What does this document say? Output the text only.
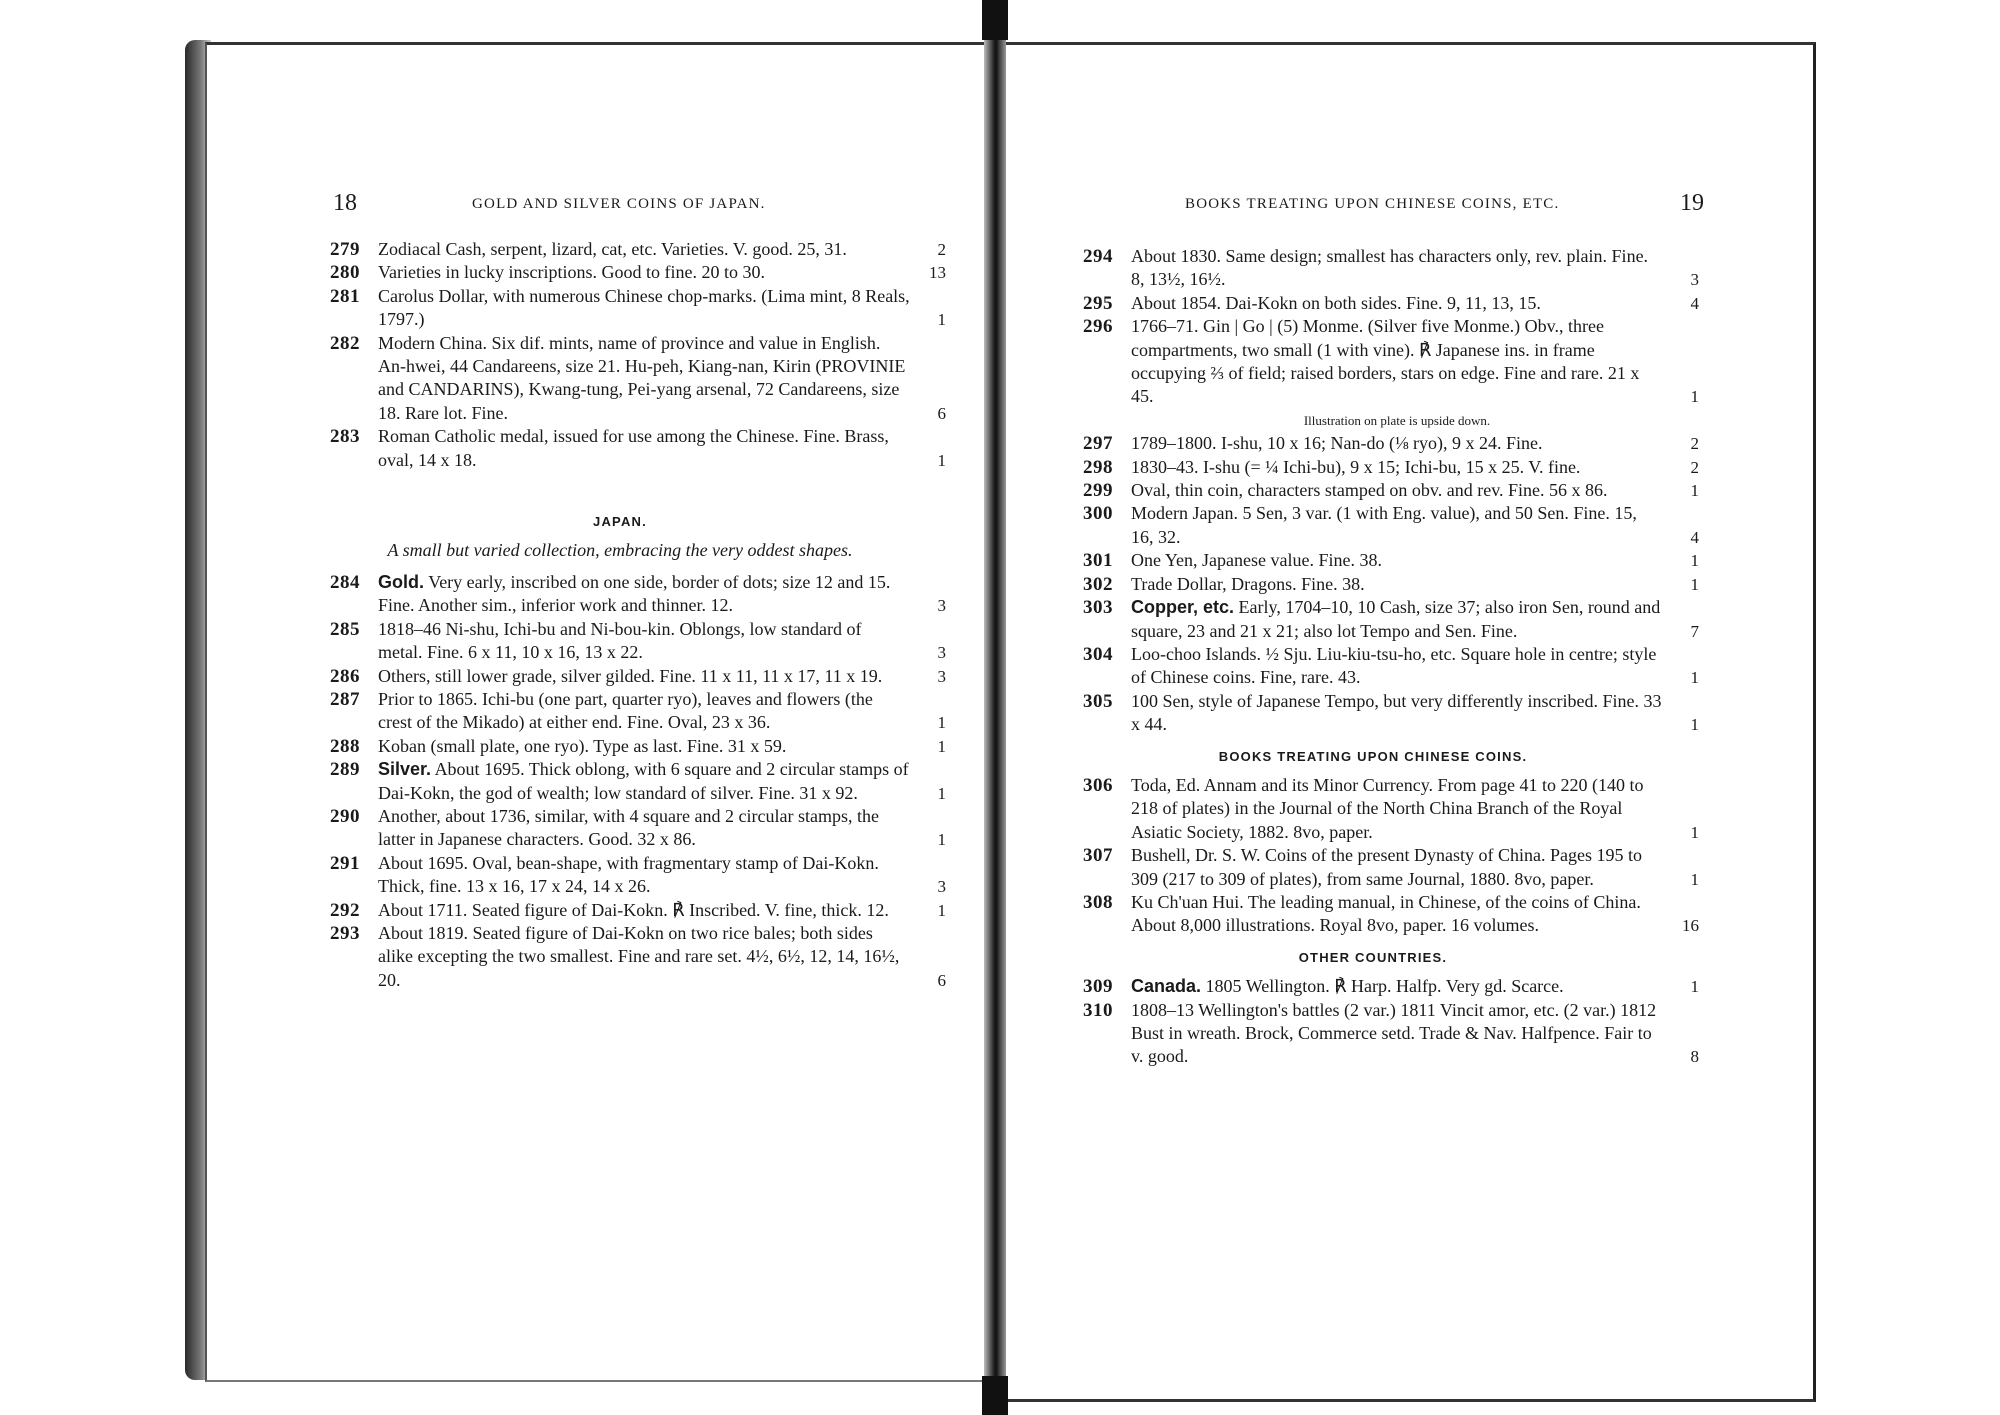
18	GOLD AND SILVER COINS OF JAPAN.
279 Zodiacal Cash, serpent, lizard, cat, etc. Varieties. V. good. 25, 31.	2
280 Varieties in lucky inscriptions. Good to fine. 20 to 30.	13
281 Carolus Dollar, with numerous Chinese chop-marks. (Lima mint, 8 Reals, 1797.)	1
282 Modern China. Six dif. mints, name of province and value in English. An-hwei, 44 Candareens, size 21. Hu-peh, Kiang-nan, Kirin (PROVINIE and CANDARINS), Kwang-tung, Pei-yang arsenal, 72 Candareens, size 18. Rare lot. Fine.	6
283 Roman Catholic medal, issued for use among the Chinese. Fine. Brass, oval, 14 x 18.	1
JAPAN.
A small but varied collection, embracing the very oddest shapes.
284 Gold. Very early, inscribed on one side, border of dots; size 12 and 15. Fine. Another sim., inferior work and thinner. 12.	3
285 1818–46 Ni-shu, Ichi-bu and Ni-bou-kin. Oblongs, low standard of metal. Fine. 6 x 11, 10 x 16, 13 x 22.	3
286 Others, still lower grade, silver gilded. Fine. 11 x 11, 11 x 17, 11 x 19.	3
287 Prior to 1865. Ichi-bu (one part, quarter ryo), leaves and flowers (the crest of the Mikado) at either end. Fine. Oval, 23 x 36.	1
288 Koban (small plate, one ryo). Type as last. Fine. 31 x 59.	1
289 Silver. About 1695. Thick oblong, with 6 square and 2 circular stamps of Dai-Kokn, the god of wealth; low standard of silver. Fine. 31 x 92.	1
290 Another, about 1736, similar, with 4 square and 2 circular stamps, the latter in Japanese characters. Good. 32 x 86.	1
291 About 1695. Oval, bean-shape, with fragmentary stamp of Dai-Kokn. Thick, fine. 13 x 16, 17 x 24, 14 x 26.	3
292 About 1711. Seated figure of Dai-Kokn. ℟ Inscribed. V. fine, thick. 12.	1
293 About 1819. Seated figure of Dai-Kokn on two rice bales; both sides alike excepting the two smallest. Fine and rare set. 4½, 6½, 12, 14, 16½, 20.	6
BOOKS TREATING UPON CHINESE COINS, ETC.	19
294 About 1830. Same design; smallest has characters only, rev. plain. Fine. 8, 13½, 16½.	3
295 About 1854. Dai-Kokn on both sides. Fine. 9, 11, 13, 15.	4
296 1766–71. Gin | Go | (5) Monme. (Silver five Monme.) Obv., three compartments, two small (1 with vine). ℟ Japanese ins. in frame occupying ⅔ of field; raised borders, stars on edge. Fine and rare. 21 x 45.	1
Illustration on plate is upside down.
297 1789–1800. I-shu, 10 x 16; Nan-do (⅛ ryo), 9 x 24. Fine.	2
298 1830–43. I-shu (= ¼ Ichi-bu), 9 x 15; Ichi-bu, 15 x 25. V. fine.	2
299 Oval, thin coin, characters stamped on obv. and rev. Fine. 56 x 86.	1
300 Modern Japan. 5 Sen, 3 var. (1 with Eng. value), and 50 Sen. Fine. 15, 16, 32.	4
301 One Yen, Japanese value. Fine. 38.	1
302 Trade Dollar, Dragons. Fine. 38.	1
303 Copper, etc. Early, 1704–10, 10 Cash, size 37; also iron Sen, round and square, 23 and 21 x 21; also lot Tempo and Sen. Fine.	7
304 Loo-choo Islands. ½ Sju. Liu-kiu-tsu-ho, etc. Square hole in centre; style of Chinese coins. Fine, rare. 43.	1
305 100 Sen, style of Japanese Tempo, but very differently inscribed. Fine. 33 x 44.	1
BOOKS TREATING UPON CHINESE COINS.
306 Toda, Ed. Annam and its Minor Currency. From page 41 to 220 (140 to 218 of plates) in the Journal of the North China Branch of the Royal Asiatic Society, 1882. 8vo, paper.	1
307 Bushell, Dr. S. W. Coins of the present Dynasty of China. Pages 195 to 309 (217 to 309 of plates), from same Journal, 1880. 8vo, paper.	1
308 Ku Ch'uan Hui. The leading manual, in Chinese, of the coins of China. About 8,000 illustrations. Royal 8vo, paper. 16 volumes.	16
OTHER COUNTRIES.
309 Canada. 1805 Wellington. ℟ Harp. Halfp. Very gd. Scarce.	1
310 1808–13 Wellington's battles (2 var.) 1811 Vincit amor, etc. (2 var.) 1812 Bust in wreath. Brock, Commerce setd. Trade & Nav. Halfpence. Fair to v. good.	8
